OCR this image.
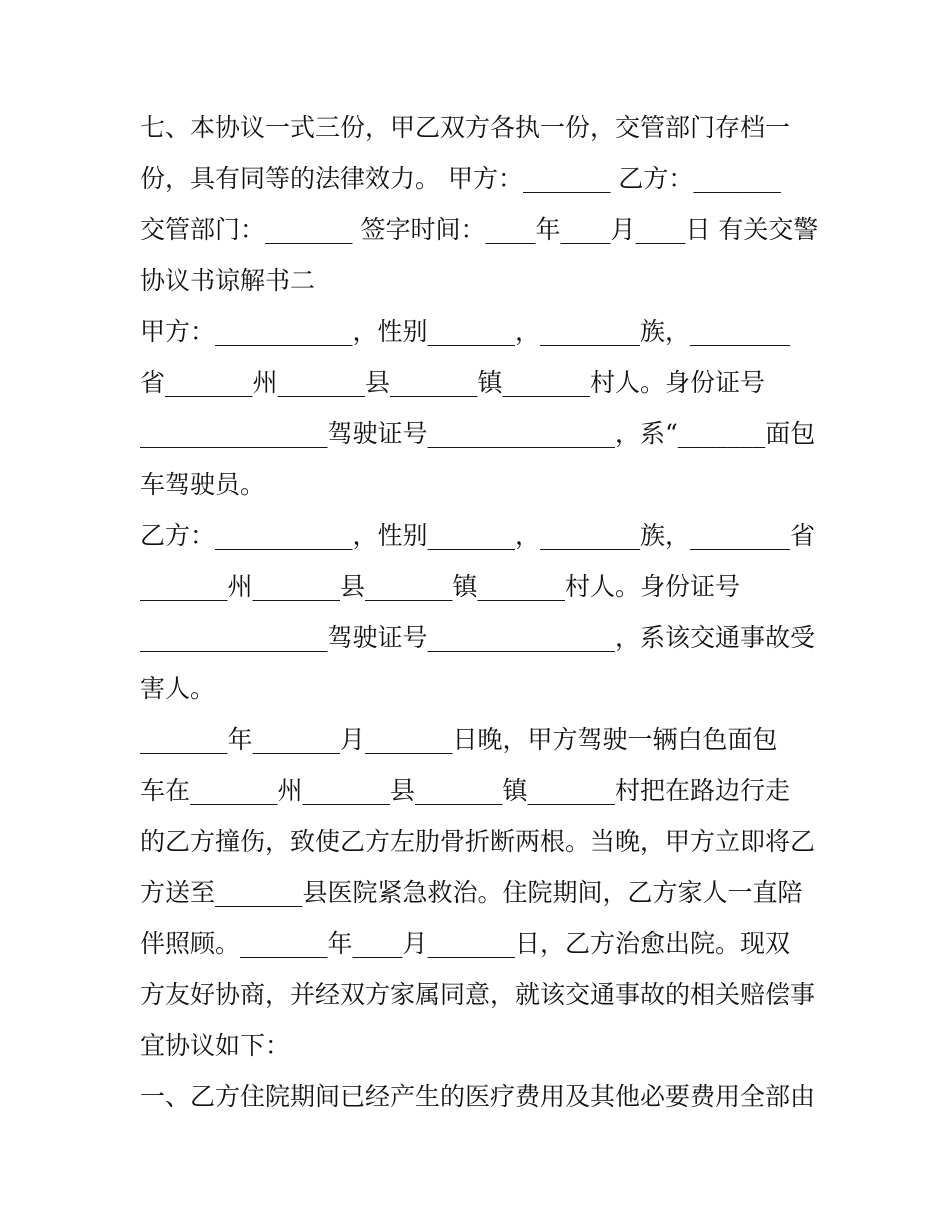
七、本协议一式三份，甲乙双方各执一份，交管部门存档一
份，具有同等的法律效力。 甲方：_______ 乙方：_______
交管部门：_______ 签字时间：____年____月____日 有关交警
协议书谅解书二
甲方：___________，性别_______，________族，________
省_______州_______县_______镇_______村人。身份证号
_______________驾驶证号_______________，系“_______面包
车驾驶员。
乙方：___________，性别_______，________族，________省
_______州_______县_______镇_______村人。身份证号
_______________驾驶证号_______________，系该交通事故受
害人。
_______年_______月_______日晚，甲方驾驶一辆白色面包
车在_______州_______县_______镇_______村把在路边行走
的乙方撞伤，致使乙方左肋骨折断两根。当晚，甲方立即将乙
方送至_______县医院紧急救治。住院期间，乙方家人一直陪
伴照顾。_______年____月_______日，乙方治愈出院。现双
方友好协商，并经双方家属同意，就该交通事故的相关赔偿事
宜协议如下：
一、乙方住院期间已经产生的医疗费用及其他必要费用全部由
